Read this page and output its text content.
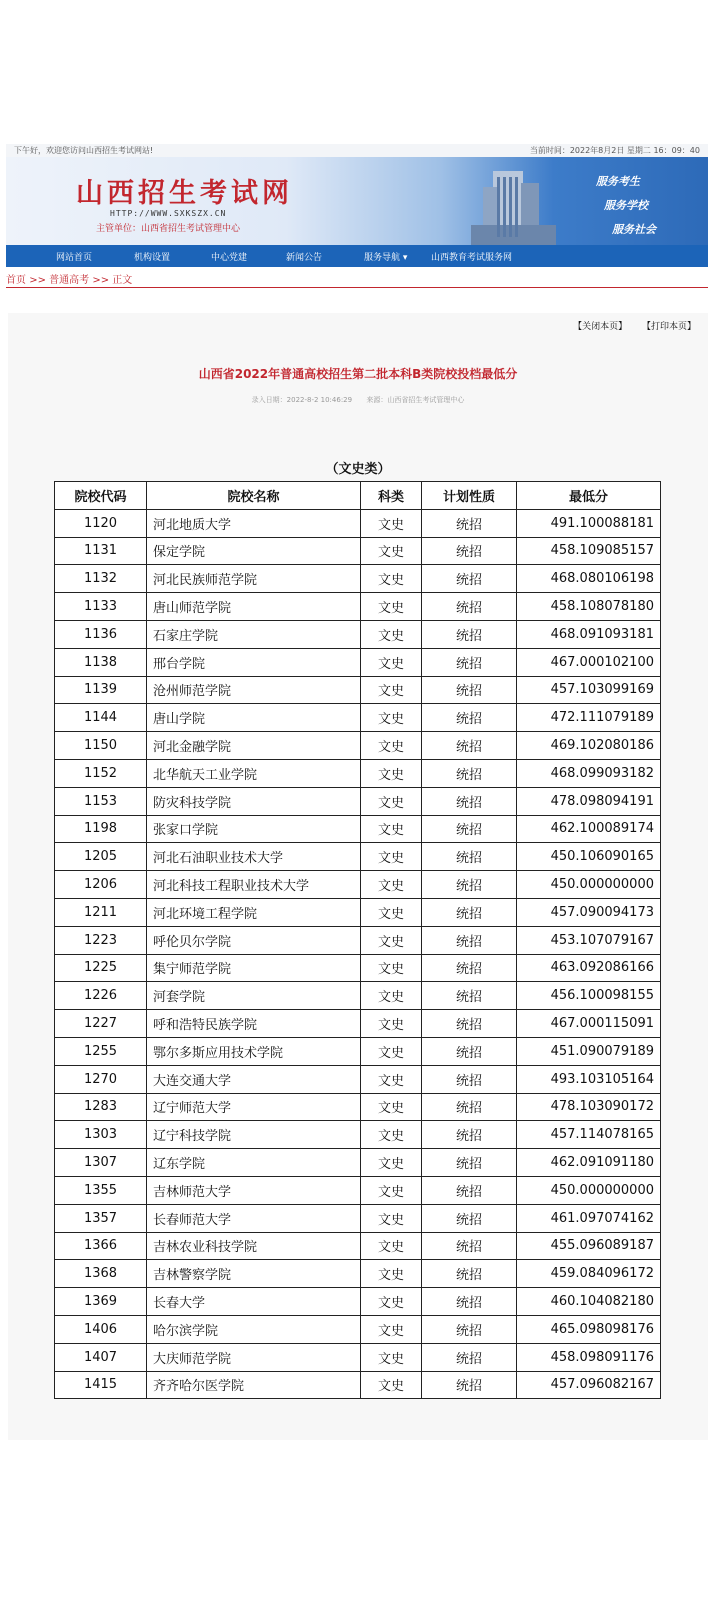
下午好，欢迎您访问山西招生考试网站!	当前时间：2022年8月2日 星期二 16：09：40
山西招生考试网
HTTP://WWW.SXKSZX.CN
主管单位：山西省招生考试管理中心
服务考生
服务学校
服务社会
网站首页	机构设置	中心党建	新闻公告	服务导航 ▾	山西教育考试服务网
首页 >> 普通高考 >> 正文
【关闭本页】 【打印本页】
山西省2022年普通高校招生第二批本科B类院校投档最低分
录入日期：2022-8-2 10:46:29 来源：山西省招生考试管理中心
（文史类）
院校代码	院校名称	科类	计划性质	最低分
1120	河北地质大学	文史	统招	491.100088181
1131	保定学院	文史	统招	458.109085157
1132	河北民族师范学院	文史	统招	468.080106198
1133	唐山师范学院	文史	统招	458.108078180
1136	石家庄学院	文史	统招	468.091093181
1138	邢台学院	文史	统招	467.000102100
1139	沧州师范学院	文史	统招	457.103099169
1144	唐山学院	文史	统招	472.111079189
1150	河北金融学院	文史	统招	469.102080186
1152	北华航天工业学院	文史	统招	468.099093182
1153	防灾科技学院	文史	统招	478.098094191
1198	张家口学院	文史	统招	462.100089174
1205	河北石油职业技术大学	文史	统招	450.106090165
1206	河北科技工程职业技术大学	文史	统招	450.000000000
1211	河北环境工程学院	文史	统招	457.090094173
1223	呼伦贝尔学院	文史	统招	453.107079167
1225	集宁师范学院	文史	统招	463.092086166
1226	河套学院	文史	统招	456.100098155
1227	呼和浩特民族学院	文史	统招	467.000115091
1255	鄂尔多斯应用技术学院	文史	统招	451.090079189
1270	大连交通大学	文史	统招	493.103105164
1283	辽宁师范大学	文史	统招	478.103090172
1303	辽宁科技学院	文史	统招	457.114078165
1307	辽东学院	文史	统招	462.091091180
1355	吉林师范大学	文史	统招	450.000000000
1357	长春师范大学	文史	统招	461.097074162
1366	吉林农业科技学院	文史	统招	455.096089187
1368	吉林警察学院	文史	统招	459.084096172
1369	长春大学	文史	统招	460.104082180
1406	哈尔滨学院	文史	统招	465.098098176
1407	大庆师范学院	文史	统招	458.098091176
1415	齐齐哈尔医学院	文史	统招	457.096082167
